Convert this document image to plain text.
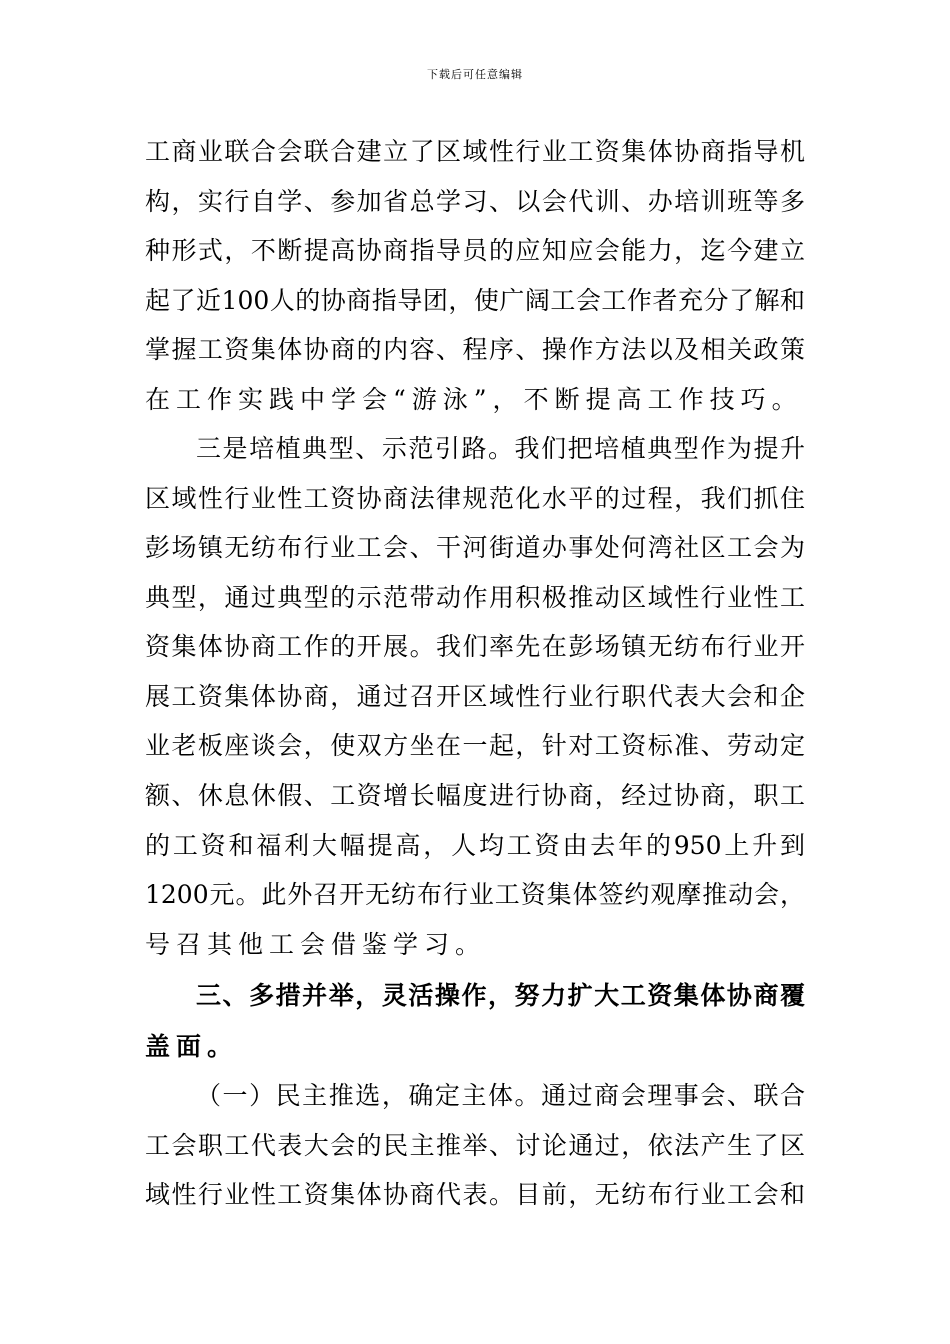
下载后可任意编辑
工商业联合会联合建立了区域性行业工资集体协商指导机
构，实行自学、参加省总学习、以会代训、办培训班等多
种形式，不断提高协商指导员的应知应会能力，迄今建立
起了近100人的协商指导团，使广阔工会工作者充分了解和
掌握工资集体协商的内容、程序、操作方法以及相关政策
在工作实践中学会“游泳”，不断提高工作技巧。
三是培植典型、示范引路。我们把培植典型作为提升
区域性行业性工资协商法律规范化水平的过程，我们抓住
彭场镇无纺布行业工会、干河街道办事处何湾社区工会为
典型，通过典型的示范带动作用积极推动区域性行业性工
资集体协商工作的开展。我们率先在彭场镇无纺布行业开
展工资集体协商，通过召开区域性行业行职代表大会和企
业老板座谈会，使双方坐在一起，针对工资标准、劳动定
额、休息休假、工资增长幅度进行协商，经过协商，职工
的工资和福利大幅提高，人均工资由去年的950上升到
1200元。此外召开无纺布行业工资集体签约观摩推动会，
号召其他工会借鉴学习。
三、多措并举，灵活操作，努力扩大工资集体协商覆
盖面。
（一）民主推选，确定主体。通过商会理事会、联合
工会职工代表大会的民主推举、讨论通过，依法产生了区
域性行业性工资集体协商代表。目前，无纺布行业工会和
